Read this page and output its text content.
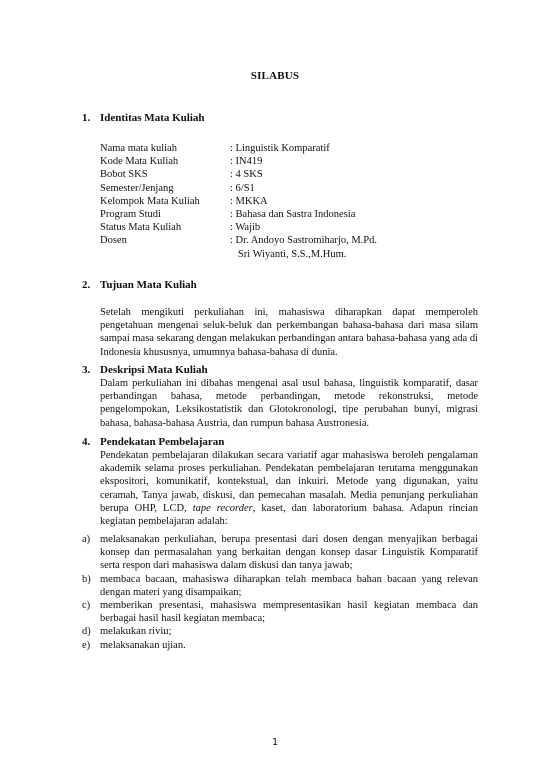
SILABUS
1. Identitas Mata Kuliah
Nama mata kuliah	: Linguistik Komparatif
Kode Mata Kuliah	: IN419
Bobot SKS	: 4 SKS
Semester/Jenjang	: 6/S1
Kelompok Mata Kuliah	: MKKA
Program Studi	: Bahasa dan Sastra Indonesia
Status Mata Kuliah	: Wajib
Dosen	: Dr. Andoyo Sastromiharjo, M.Pd.
Sri Wiyanti, S.S.,M.Hum.
2. Tujuan Mata Kuliah
Setelah mengikuti perkuliahan ini, mahasiswa diharapkan dapat memperoleh pengetahuan mengenai seluk-beluk dan perkembangan bahasa-bahasa dari masa silam sampai masa sekarang dengan melakukan perbandingan antara bahasa-bahasa yang ada di Indonesia khususnya, umumnya bahasa-bahasa di dunia.
3. Deskripsi Mata Kuliah
Dalam perkuliahan ini dibahas mengenai asal usul bahasa, linguistik komparatif, dasar perbandingan bahasa, metode perbandingan, metode rekonstruksi, metode pengelompokan, Leksikostatistik dan Glotokronologi, tipe perubahan bunyi, migrasi bahasa, bahasa-bahasa Austria, dan rumpun bahasa Austronesia.
4. Pendekatan Pembelajaran
Pendekatan pembelajaran dilakukan secara variatif agar mahasiswa beroleh pengalaman akademik selama proses perkuliahan. Pendekatan pembelajaran terutama menggunakan ekspositori, komunikatif, kontekstual, dan inkuiri. Metode yang digunakan, yaitu ceramah, Tanya jawab, diskusi, dan pemecahan masalah. Media penunjang perkuliahan berupa OHP, LCD, tape recorder, kaset, dan laboratorium bahasa. Adapun rincian kegiatan pembelajaran adalah:
a) melaksanakan perkuliahan, berupa presentasi dari dosen dengan menyajikan berbagai konsep dan permasalahan yang berkaitan dengan konsep dasar Linguistik Komparatif serta respon dari mahasiswa dalam diskusi dan tanya jawab;
b) membaca bacaan, mahasiswa diharapkan telah membaca bahan bacaan yang relevan dengan materi yang disampaikan;
c) memberikan presentasi, mahasiswa mempresentasikan hasil kegiatan membaca dan berbagai hasil hasil kegiatan membaca;
d) melakukan riviu;
e) melaksanakan ujian.
1
